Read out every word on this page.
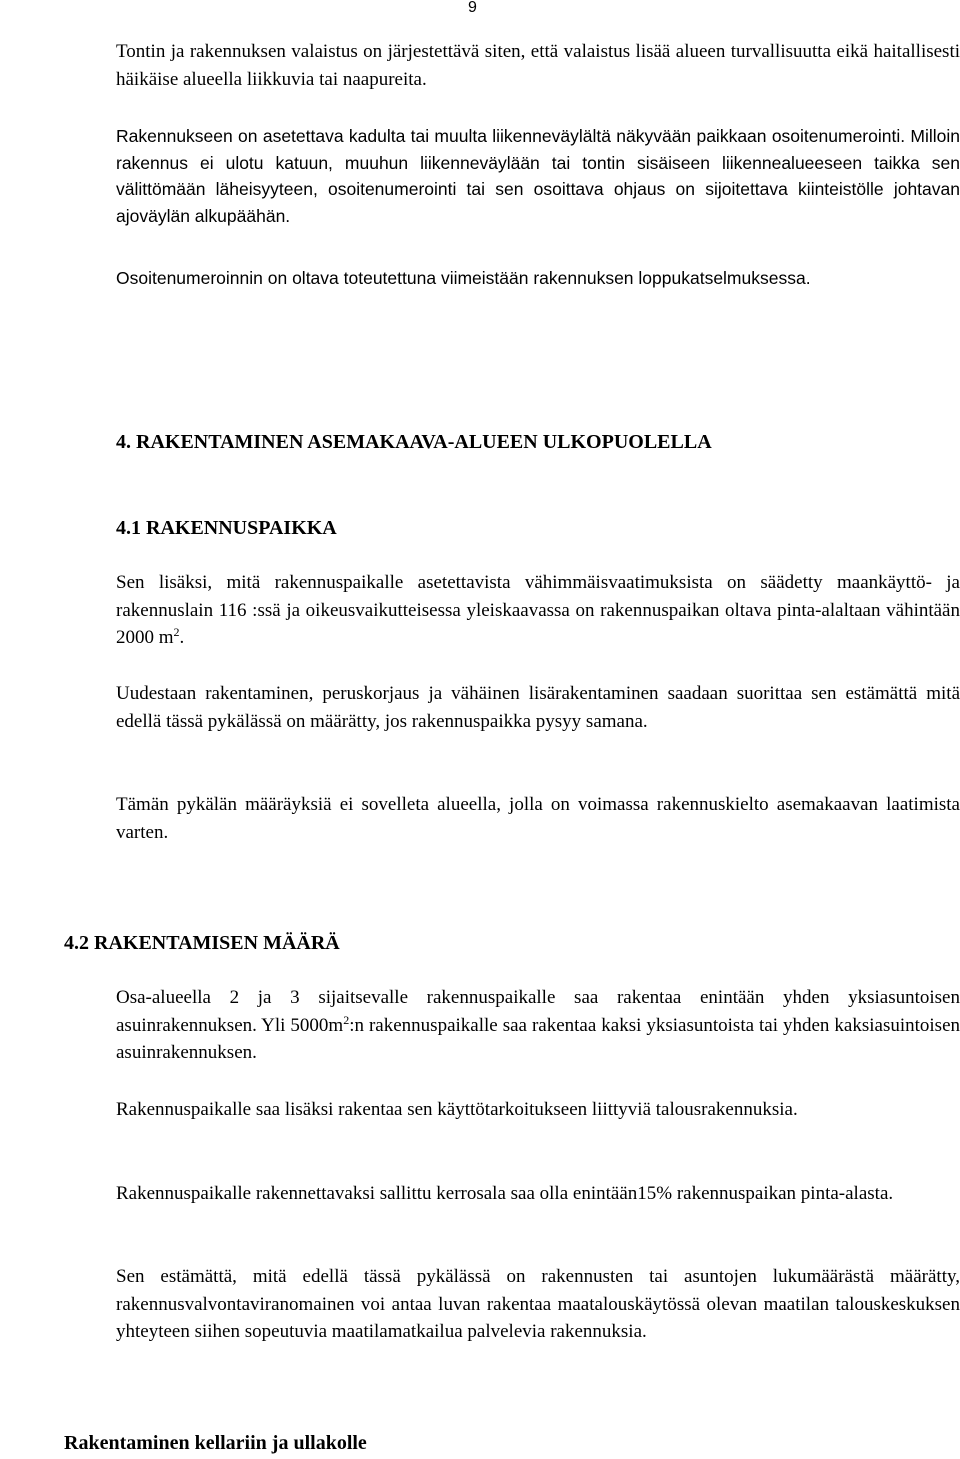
9

Tontin ja rakennuksen valaistus on järjestettävä siten, että valaistus lisää alueen turvallisuutta eikä haitallisesti häikäise alueella liikkuvia tai naapureita.

Rakennukseen on asetettava kadulta tai muulta liikenneväylältä näkyvään paikkaan osoitenumerointi. Milloin rakennus ei ulotu katuun, muuhun liikenneväylään tai tontin sisäiseen liikennealueeseen taikka sen välittömään läheisyyteen, osoitenumerointi tai sen osoittava ohjaus on sijoitettava kiinteistölle johtavan ajoväylän alkupäähän.

Osoitenumeroinnin on oltava toteutettuna viimeistään rakennuksen loppukatselmuksessa.

4. RAKENTAMINEN ASEMAKAAVA-ALUEEN ULKOPUOLELLA
4.1 RAKENNUSPAIKKA

Sen lisäksi, mitä rakennuspaikalle asetettavista vähimmäisvaatimuksista on säädetty maankäyttö- ja rakennuslain 116 :ssä ja oikeusvaikutteisessa yleiskaavassa on rakennuspaikan oltava pinta-alaltaan vähintään 2000 $m^2$.

Uudestaan rakentaminen, peruskorjaus ja vähäinen lisärakentaminen saadaan suorittaa sen estämättä mitä edellä tässä pykälässä on määrätty, jos rakennuspaikka pysyy samana.

Tämän pykälän määräyksiä ei sovelleta alueella, jolla on voimassa rakennuskielto asemakaavan laatimista varten.

4.2 RAKENTAMISEN MÄÄRÄ

Osa-alueella 2 ja 3 sijaitsevalle rakennuspaikalle saa rakentaa enintään yhden yksiasuntoisen asuinrakennuksen. Yli $5000m^2:n$ rakennuspaikalle saa rakentaa kaksi yksiasuntoista tai yhden kaksiasuintoisen asuinrakennuksen.

Rakennuspaikalle saa lisäksi rakentaa sen käyttötarkoitukseen liittyviä talousrakennuksia.

Rakennuspaikalle rakennettavaksi sallittu kerrosala saa olla enintään15% rakennuspaikan pinta-alasta.

Sen estämättä, mitä edellä tässä pykälässä on rakennusten tai asuntojen lukumäärästä määrätty, rakennusvalvontaviranomainen voi antaa luvan rakentaa maatalouskäytössä olevan maatilan talouskeskuksen yhteyteen siihen sopeutuvia maatilamatkailua palvelevia rakennuksia.

Rakentaminen kellariin ja ullakolle
